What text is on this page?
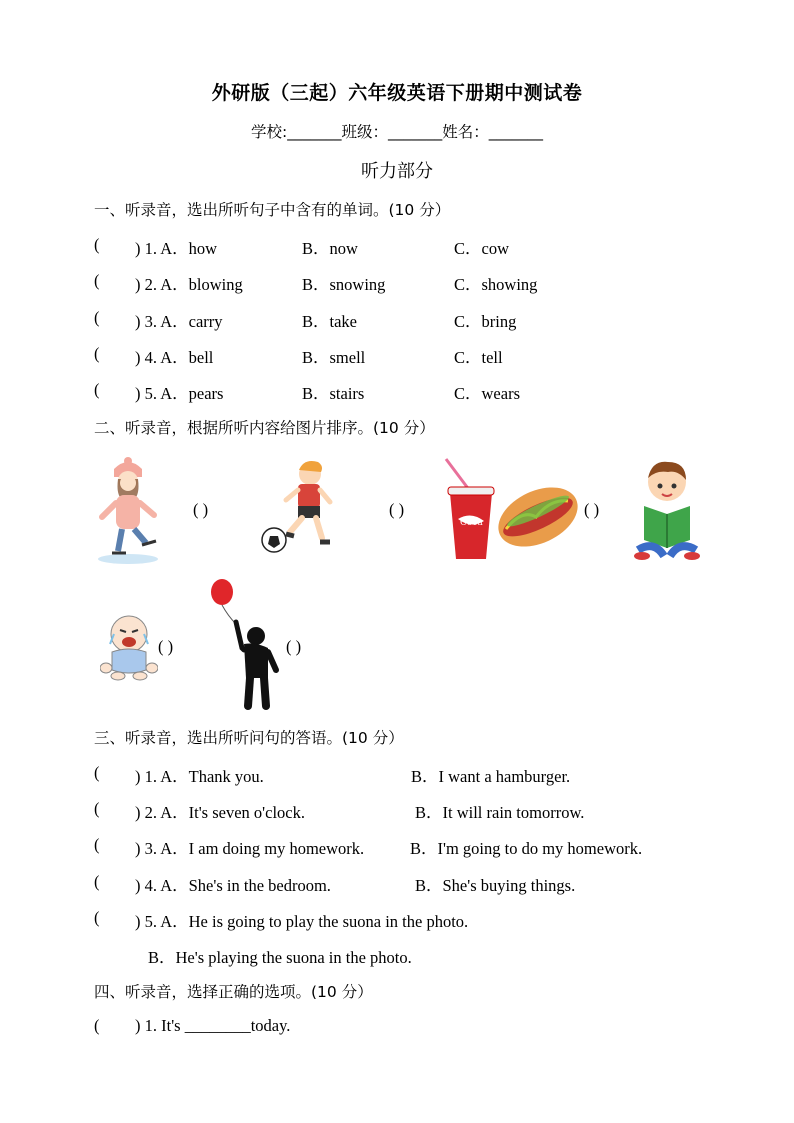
外研版（三起）六年级英语下册期中测试卷
学校:_______班级：_______姓名：_______
听力部分
一、听录音，选出所听句子中含有的单词。(10 分）
( ) 1. A．how	B．now	C．cow
( ) 2. A．blowing	B．snowing	C．showing
( ) 3. A．carry	B．take	C．bring
( ) 4. A．bell	B．smell	C．tell
( ) 5. A．pears	B．stairs	C．wears
二、听录音，根据所听内容给图片排序。(10 分）
( )	( )
Coca
( )
( )	( )
三、听录音，选出所听问句的答语。(10 分）
( ) 1. A．Thank you.	B．I want a hamburger.
( ) 2. A．It's seven o'clock.	B．It will rain tomorrow.
( ) 3. A．I am doing my homework.	B．I'm going to do my homework.
( ) 4. A．She's in the bedroom.	B．She's buying things.
( ) 5. A．He is going to play the suona in the photo.
B．He's playing the suona in the photo.
四、听录音，选择正确的选项。(10 分）
( ) 1. It's ________today.
